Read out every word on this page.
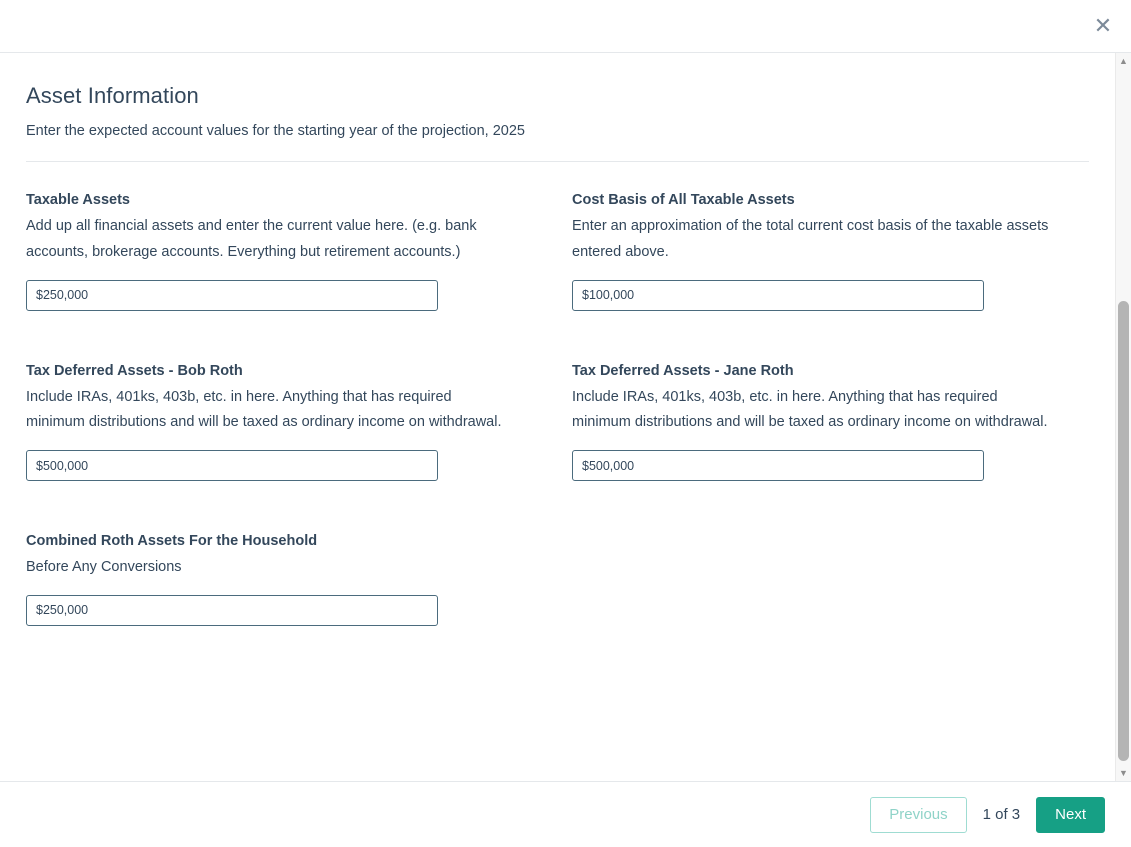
✕
Asset Information

Enter the expected account values for the starting year of the projection, 2025

Taxable Assets
Add up all financial assets and enter the current value here. (e.g. bank accounts, brokerage accounts. Everything but retirement accounts.)
$250,000
Cost Basis of All Taxable Assets
Enter an approximation of the total current cost basis of the taxable assets entered above.
$100,000
Tax Deferred Assets - Bob Roth
Include IRAs, 401ks, 403b, etc. in here. Anything that has required minimum distributions and will be taxed as ordinary income on withdrawal.
$500,000
Tax Deferred Assets - Jane Roth
Include IRAs, 401ks, 403b, etc. in here. Anything that has required minimum distributions and will be taxed as ordinary income on withdrawal.
$500,000
Combined Roth Assets For the Household
Before Any Conversions
$250,000
▲
▼
Previous	1 of 3	Next
